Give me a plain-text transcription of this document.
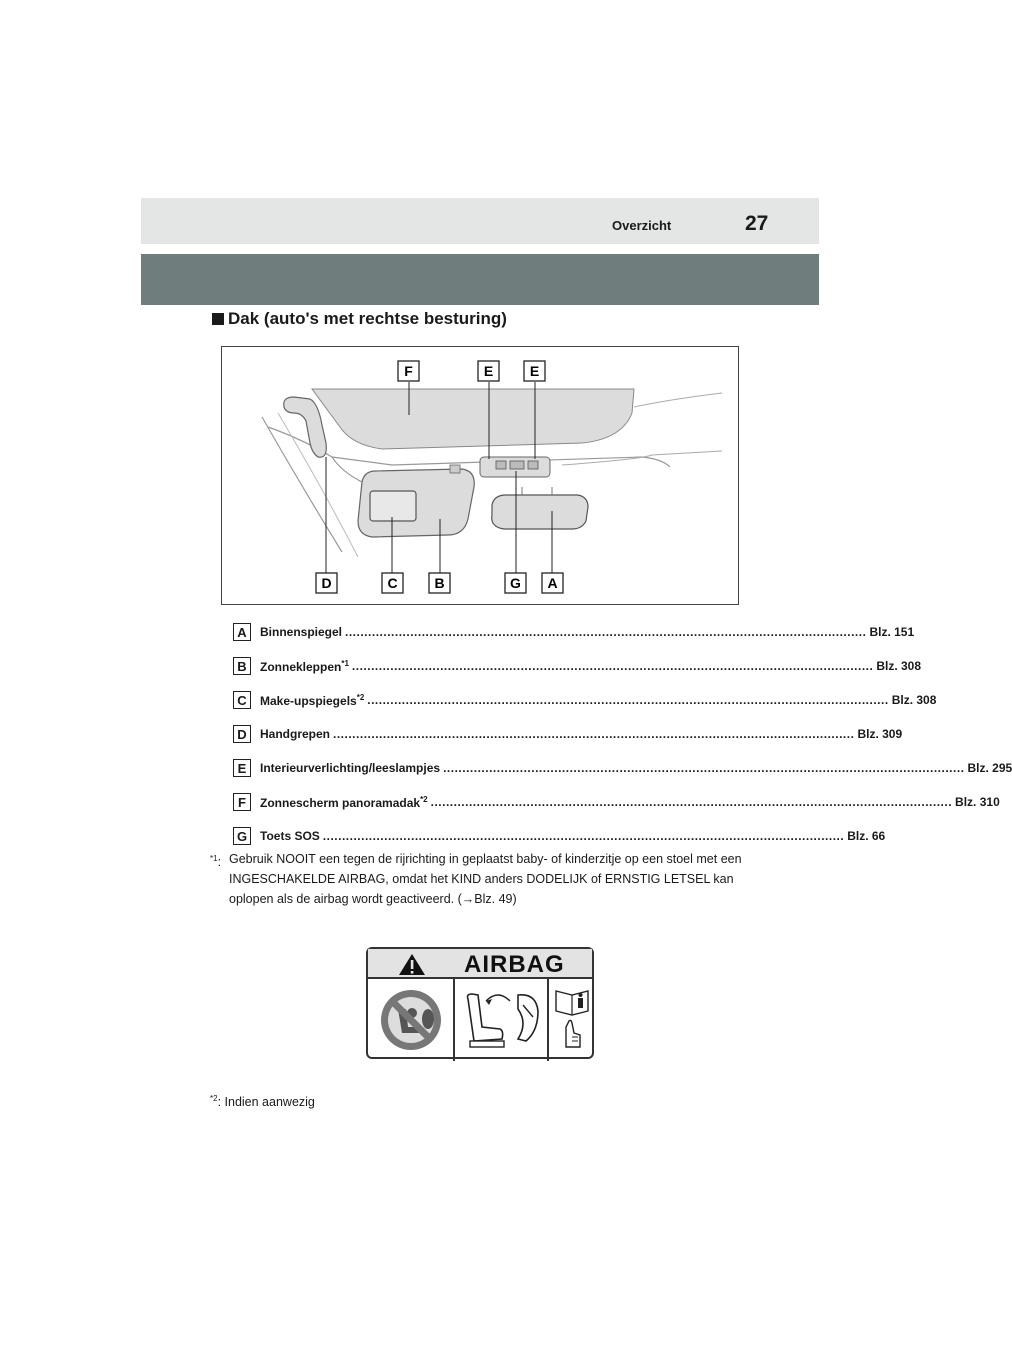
Overzicht	27
Dak (auto's met rechtse besturing)
F	E	E
D	C	B	G A
A	Binnenspiegel ........................................................................................................................................ Blz. 151
B	Zonnekleppen$^{*1}$ ........................................................................................................................................ Blz. 308
C	Make-upspiegels$^{*2}$ ........................................................................................................................................ Blz. 308
D	Handgrepen ........................................................................................................................................ Blz. 309
E	Interieurverlichting/leeslampjes ........................................................................................................................................ Blz. 295
F	Zonnescherm panoramadak$^{*2}$ ........................................................................................................................................ Blz. 310
G	Toets SOS ........................................................................................................................................ Blz. 66
$^{*1}$: Gebruik NOOIT een tegen de rijrichting in geplaatst baby- of kinderzitje op een stoel met een INGESCHAKELDE AIRBAG, omdat het KIND anders DODELIJK of ERNSTIG LETSEL kan oplopen als de airbag wordt geactiveerd. (→Blz. 49)
AIRBAG
$^{*2}$: Indien aanwezig
